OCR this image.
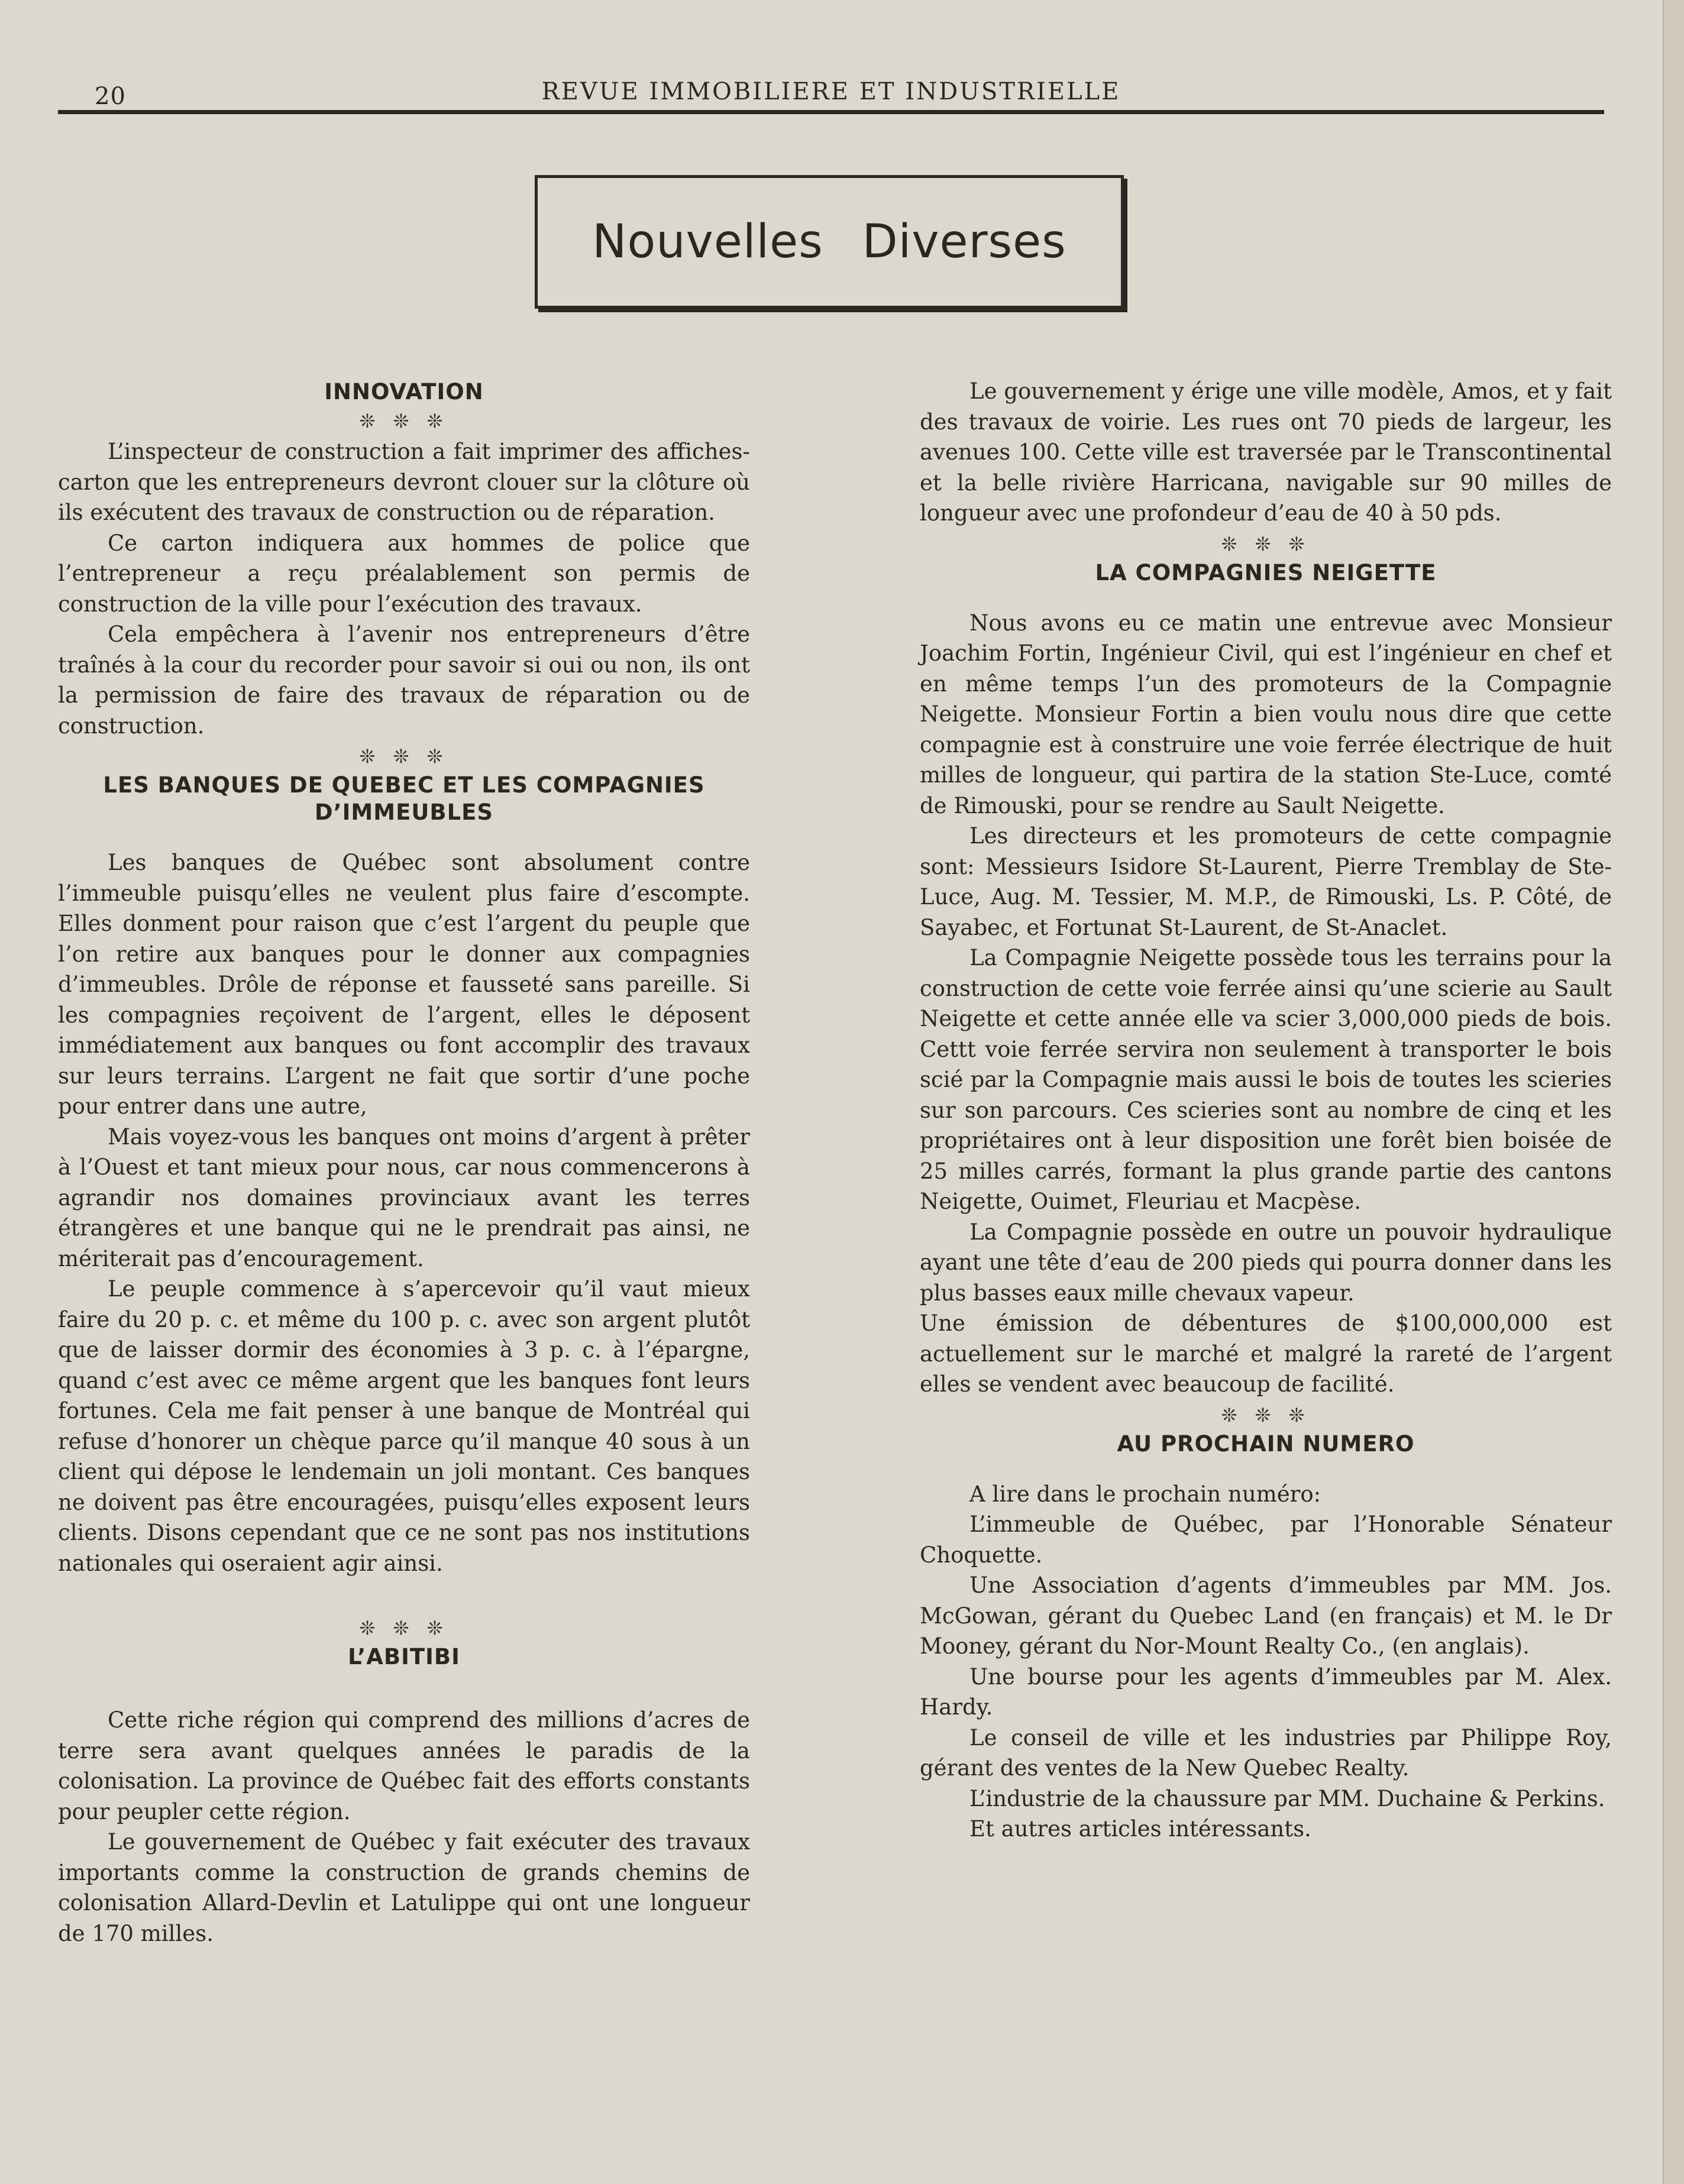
20	REVUE IMMOBILIERE ET INDUSTRIELLE
Nouvelles Diverses
INNOVATION
❊ ❊ ❊

L’inspecteur de construction a fait imprimer des affiches-carton que les entrepreneurs devront clouer sur la clôture où ils exécutent des travaux de construction ou de réparation.

Ce carton indiquera aux hommes de police que l’entrepreneur a reçu préalablement son permis de construction de la ville pour l’exécution des travaux.

Cela empêchera à l’avenir nos entrepreneurs d’être traînés à la cour du recorder pour savoir si oui ou non, ils ont la permission de faire des travaux de réparation ou de construction.

❊ ❊ ❊
LES BANQUES DE QUEBEC ET LES COMPAGNIES
D’IMMEUBLES

Les banques de Québec sont absolument contre l’immeuble puisqu’elles ne veulent plus faire d’escompte. Elles donment pour raison que c’est l’argent du peuple que l’on retire aux banques pour le donner aux compagnies d’immeubles. Drôle de réponse et fausseté sans pareille. Si les compagnies reçoivent de l’argent, elles le déposent immédiatement aux banques ou font accomplir des travaux sur leurs terrains. L’argent ne fait que sortir d’une poche pour entrer dans une autre,

Mais voyez-vous les banques ont moins d’argent à prêter à l’Ouest et tant mieux pour nous, car nous commencerons à agrandir nos domaines provinciaux avant les terres étrangères et une banque qui ne le prendrait pas ainsi, ne mériterait pas d’encouragement.

Le peuple commence à s’apercevoir qu’il vaut mieux faire du 20 p. c. et même du 100 p. c. avec son argent plutôt que de laisser dormir des économies à 3 p. c. à l’épargne, quand c’est avec ce même argent que les banques font leurs fortunes. Cela me fait penser à une banque de Montréal qui refuse d’honorer un chèque parce qu’il manque 40 sous à un client qui dépose le lendemain un joli montant. Ces banques ne doivent pas être encouragées, puisqu’elles exposent leurs clients. Disons cependant que ce ne sont pas nos institutions nationales qui oseraient agir ainsi.

❊ ❊ ❊
L’ABITIBI

Cette riche région qui comprend des millions d’acres de terre sera avant quelques années le paradis de la colonisation. La province de Québec fait des efforts constants pour peupler cette région.

Le gouvernement de Québec y fait exécuter des travaux importants comme la construction de grands chemins de colonisation Allard-Devlin et Latulippe qui ont une longueur de 170 milles.

Le gouvernement y érige une ville modèle, Amos, et y fait des travaux de voirie. Les rues ont 70 pieds de largeur, les avenues 100. Cette ville est traversée par le Transcontinental et la belle rivière Harricana, navigable sur 90 milles de longueur avec une profondeur d’eau de 40 à 50 pds.

❊ ❊ ❊
LA COMPAGNIES NEIGETTE

Nous avons eu ce matin une entrevue avec Monsieur Joachim Fortin, Ingénieur Civil, qui est l’ingénieur en chef et en même temps l’un des promoteurs de la Compagnie Neigette. Monsieur Fortin a bien voulu nous dire que cette compagnie est à construire une voie ferrée électrique de huit milles de longueur, qui partira de la station Ste-Luce, comté de Rimouski, pour se rendre au Sault Neigette.

Les directeurs et les promoteurs de cette compagnie sont: Messieurs Isidore St-Laurent, Pierre Tremblay de Ste-Luce, Aug. M. Tessier, M. M.P., de Rimouski, Ls. P. Côté, de Sayabec, et Fortunat St-Laurent, de St-Anaclet.

La Compagnie Neigette possède tous les terrains pour la construction de cette voie ferrée ainsi qu’une scierie au Sault Neigette et cette année elle va scier 3,000,000 pieds de bois. Cettt voie ferrée servira non seulement à transporter le bois scié par la Compagnie mais aussi le bois de toutes les scieries sur son parcours. Ces scieries sont au nombre de cinq et les propriétaires ont à leur disposition une forêt bien boisée de 25 milles carrés, formant la plus grande partie des cantons Neigette, Ouimet, Fleuriau et Macpèse.

La Compagnie possède en outre un pouvoir hydraulique ayant une tête d’eau de 200 pieds qui pourra donner dans les plus basses eaux mille chevaux vapeur.

Une émission de débentures de $100,000,000 est actuellement sur le marché et malgré la rareté de l’argent elles se vendent avec beaucoup de facilité.

❊ ❊ ❊
AU PROCHAIN NUMERO

A lire dans le prochain numéro:

L’immeuble de Québec, par l’Honorable Sénateur Choquette.

Une Association d’agents d’immeubles par MM. Jos. McGowan, gérant du Quebec Land (en français) et M. le Dr Mooney, gérant du Nor-Mount Realty Co., (en anglais).

Une bourse pour les agents d’immeubles par M. Alex. Hardy.

Le conseil de ville et les industries par Philippe Roy, gérant des ventes de la New Quebec Realty.

L’industrie de la chaussure par MM. Duchaine & Perkins.

Et autres articles intéressants.
